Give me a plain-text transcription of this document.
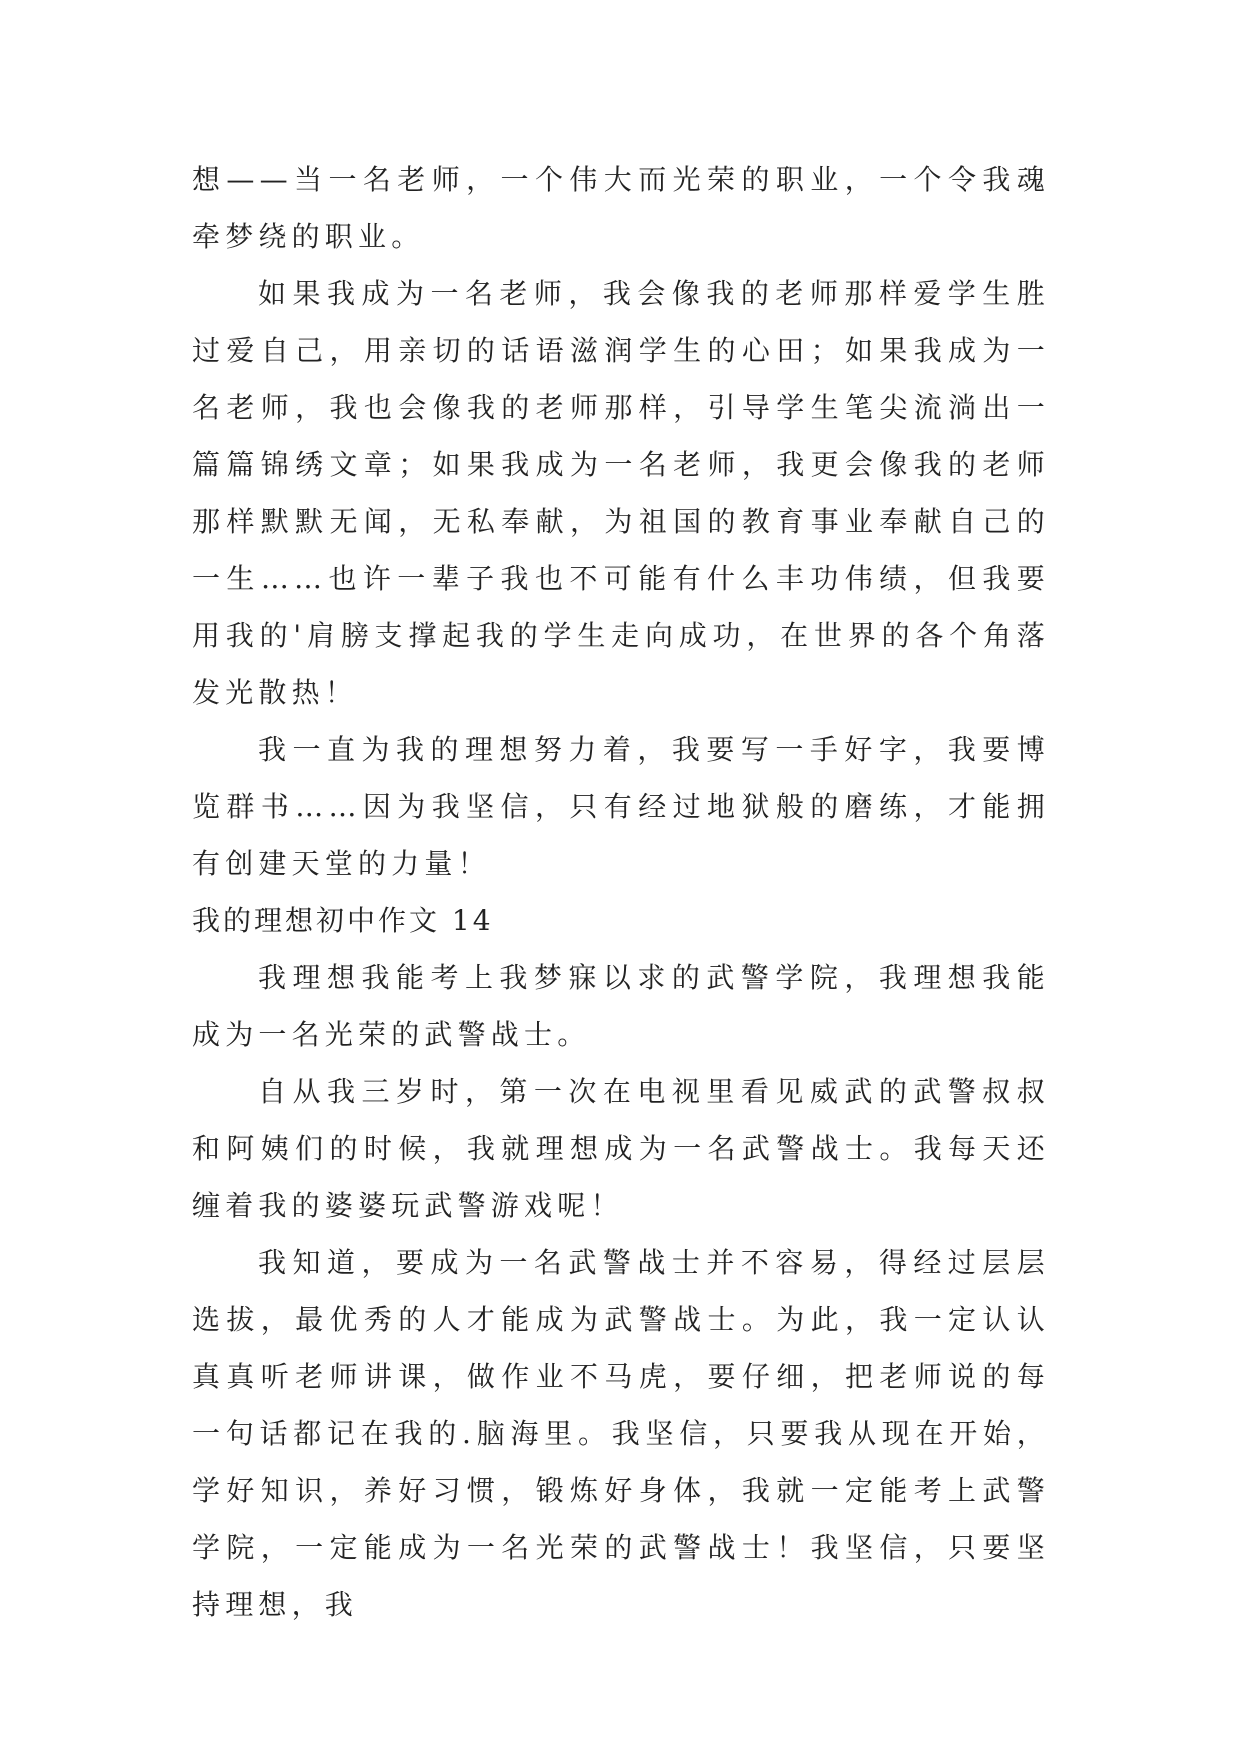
想——当一名老师，一个伟大而光荣的职业，一个令我魂牵梦绕的职业。

如果我成为一名老师，我会像我的老师那样爱学生胜过爱自己，用亲切的话语滋润学生的心田；如果我成为一名老师，我也会像我的老师那样，引导学生笔尖流淌出一篇篇锦绣文章；如果我成为一名老师，我更会像我的老师那样默默无闻，无私奉献，为祖国的教育事业奉献自己的一生……也许一辈子我也不可能有什么丰功伟绩，但我要用我的'肩膀支撑起我的学生走向成功，在世界的各个角落发光散热！

我一直为我的理想努力着，我要写一手好字，我要博览群书……因为我坚信，只有经过地狱般的磨练，才能拥有创建天堂的力量！

我的理想初中作文 14

我理想我能考上我梦寐以求的武警学院，我理想我能成为一名光荣的武警战士。

自从我三岁时，第一次在电视里看见威武的武警叔叔和阿姨们的时候，我就理想成为一名武警战士。我每天还缠着我的婆婆玩武警游戏呢！

我知道，要成为一名武警战士并不容易，得经过层层选拔，最优秀的人才能成为武警战士。为此，我一定认认真真听老师讲课，做作业不马虎，要仔细，把老师说的每一句话都记在我的.脑海里。我坚信，只要我从现在开始，学好知识，养好习惯，锻炼好身体，我就一定能考上武警学院，一定能成为一名光荣的武警战士！我坚信，只要坚持理想，我
